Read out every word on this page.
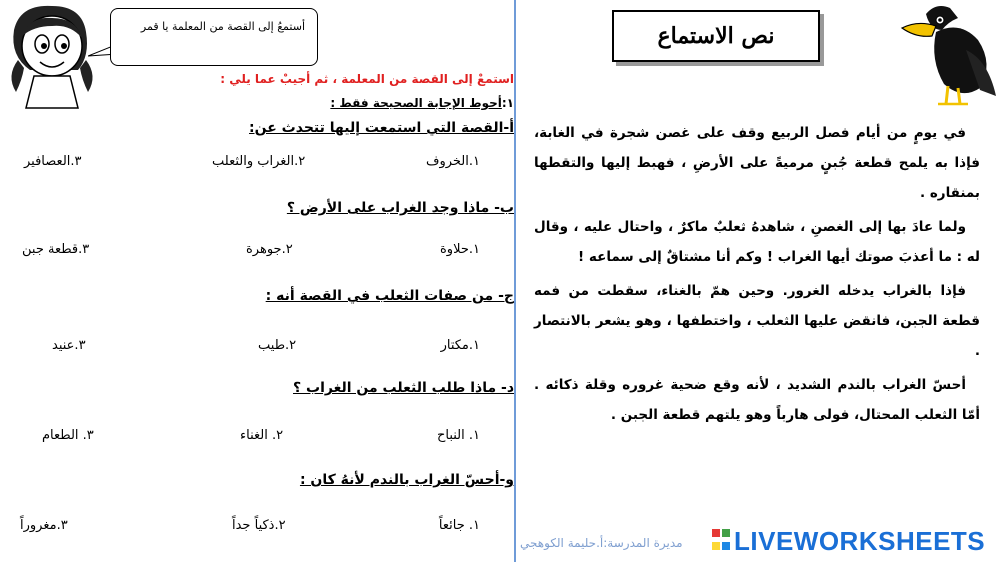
أستمعُ إلى القصة من المعلمة يا قمر
استمعْ إلى القصة من المعلمة ، ثم أجيبْ عما يلي :
١:أحوط الإجابة الصحيحة فقط :
أ-القصة التي استمعت إليها تتحدث عن:
١.الخروف
٢.الغراب والثعلب
٣.العصافير
ب- ماذا وجد الغراب على الأرض ؟
١.حلاوة
٢.جوهرة
٣.قطعة جبن
ج- من صفات الثعلب في القصة أنه :
١.مكتار
٢.طيب
٣.عنيد
د- ماذا طلب الثعلب من الغراب ؟
١. النباح
٢. الغناء
٣. الطعام
و-أحسّ الغراب بالندم لأنهُ كان :
١. جائعاً
٢.ذكياً جداً
٣.مغروراً
نص الاستماع

في يومٍ من أيام فصل الربيع وقف على غصن شجرة في الغابة، فإذا به يلمح قطعة جُبنٍ مرميةً على الأرضِ ، فهبط إليها والتقطها بمنقاره .

ولما عادَ بها إلى الغصنِ ، شاهدهُ ثعلبٌ ماكرٌ ، واحتال عليه ، وقال له : ما أعذبَ صوتك أيها الغراب ! وكم أنا مشتاقٌ إلى سماعه !

فإذا بالغراب يدخله الغرور. وحين همّ بالغناء، سقطت من فمه قطعة الجبن، فانقض عليها الثعلب ، واختطفها ، وهو يشعر بالانتصار .

أحسّ الغراب بالندم الشديد ، لأنه وقع ضحية غروره وقلة ذكائه . أمّا الثعلب المحتال، فولى هارباً وهو يلتهم قطعة الجبن .

مديرة المدرسة:أ.حليمة الكوهجي LIVEWORKSHEETS
